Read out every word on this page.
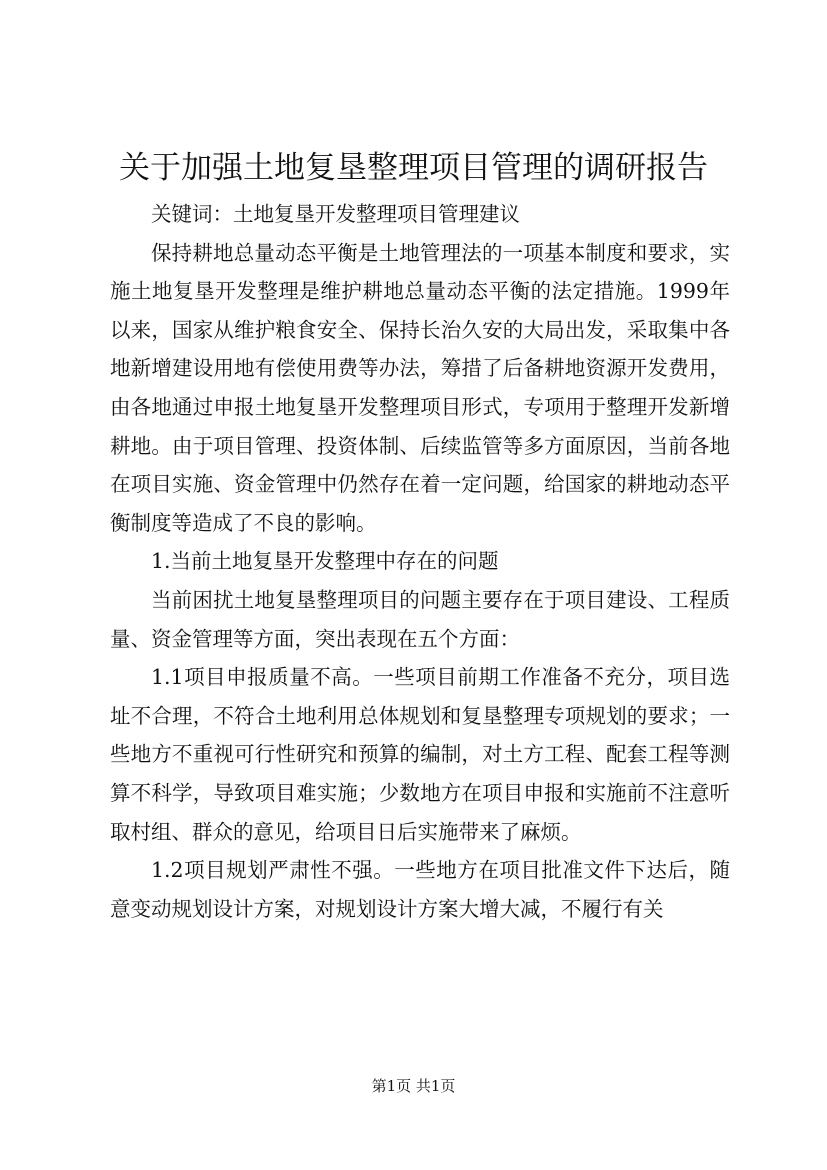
关于加强土地复垦整理项目管理的调研报告

关键词：土地复垦开发整理项目管理建议

保持耕地总量动态平衡是土地管理法的一项基本制度和要求，实施土地复垦开发整理是维护耕地总量动态平衡的法定措施。1999年以来，国家从维护粮食安全、保持长治久安的大局出发，采取集中各地新增建设用地有偿使用费等办法，筹措了后备耕地资源开发费用，由各地通过申报土地复垦开发整理项目形式，专项用于整理开发新增耕地。由于项目管理、投资体制、后续监管等多方面原因，当前各地在项目实施、资金管理中仍然存在着一定问题，给国家的耕地动态平衡制度等造成了不良的影响。

1.当前土地复垦开发整理中存在的问题

当前困扰土地复垦整理项目的问题主要存在于项目建设、工程质量、资金管理等方面，突出表现在五个方面：

1.1项目申报质量不高。一些项目前期工作准备不充分，项目选址不合理，不符合土地利用总体规划和复垦整理专项规划的要求；一些地方不重视可行性研究和预算的编制，对土方工程、配套工程等测算不科学，导致项目难实施；少数地方在项目申报和实施前不注意听取村组、群众的意见，给项目日后实施带来了麻烦。

1.2项目规划严肃性不强。一些地方在项目批准文件下达后，随意变动规划设计方案，对规划设计方案大增大减，不履行有关

第1页 共1页
